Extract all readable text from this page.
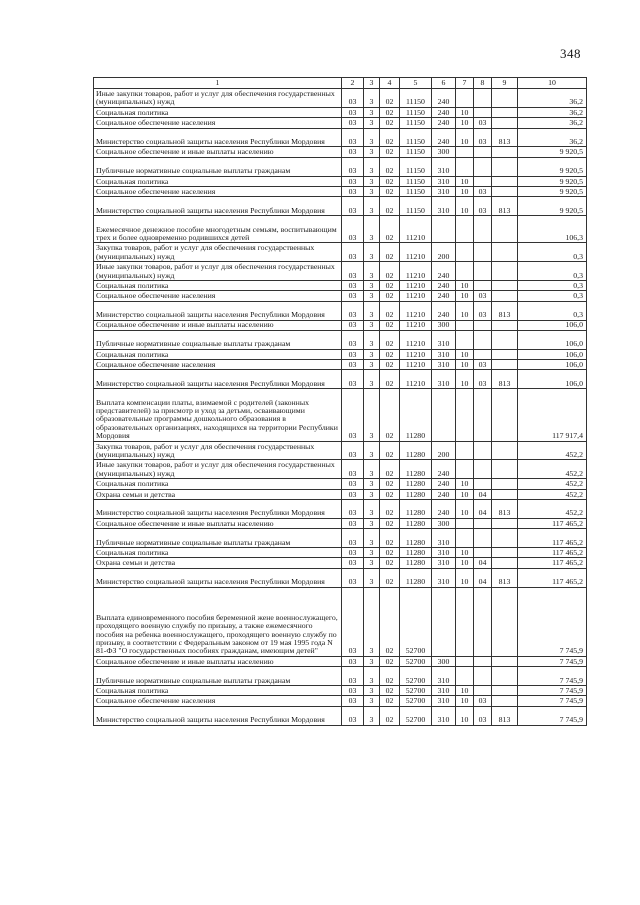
348
1	2	3	4	5	6	7	8	9	10
Иные закупки товаров, работ и услуг для обеспечения государственных (муниципальных) нужд	03	3	02	11150	240				36,2
Социальная политика	03	3	02	11150	240	10			36,2
Социальное обеспечение населения	03	3	02	11150	240	10	03		36,2
Министерство социальной защиты населения Республики Мордовия	03	3	02	11150	240	10	03	813	36,2
Социальное обеспечение и иные выплаты населению	03	3	02	11150	300				9 920,5
Публичные нормативные социальные выплаты гражданам	03	3	02	11150	310				9 920,5
Социальная политика	03	3	02	11150	310	10			9 920,5
Социальное обеспечение населения	03	3	02	11150	310	10	03		9 920,5
Министерство социальной защиты населения Республики Мордовия	03	3	02	11150	310	10	03	813	9 920,5
Ежемесячное денежное пособие многодетным семьям, воспитывающим трех и более одновременно родившихся детей	03	3	02	11210					106,3
Закупка товаров, работ и услуг для обеспечения государственных (муниципальных) нужд	03	3	02	11210	200				0,3
Иные закупки товаров, работ и услуг для обеспечения государственных (муниципальных) нужд	03	3	02	11210	240				0,3
Социальная политика	03	3	02	11210	240	10			0,3
Социальное обеспечение населения	03	3	02	11210	240	10	03		0,3
Министерство социальной защиты населения Республики Мордовия	03	3	02	11210	240	10	03	813	0,3
Социальное обеспечение и иные выплаты населению	03	3	02	11210	300				106,0
Публичные нормативные социальные выплаты гражданам	03	3	02	11210	310				106,0
Социальная политика	03	3	02	11210	310	10			106,0
Социальное обеспечение населения	03	3	02	11210	310	10	03		106,0
Министерство социальной защиты населения Республики Мордовия	03	3	02	11210	310	10	03	813	106,0
Выплата компенсации платы, взимаемой с родителей (законных представителей) за присмотр и уход за детьми, осваивающими образовательные программы дошкольного образования в образовательных организациях, находящихся на территории Республики Мордовия	03	3	02	11280					117 917,4
Закупка товаров, работ и услуг для обеспечения государственных (муниципальных) нужд	03	3	02	11280	200				452,2
Иные закупки товаров, работ и услуг для обеспечения государственных (муниципальных) нужд	03	3	02	11280	240				452,2
Социальная политика	03	3	02	11280	240	10			452,2
Охрана семьи и детства	03	3	02	11280	240	10	04		452,2
Министерство социальной защиты населения Республики Мордовия	03	3	02	11280	240	10	04	813	452,2
Социальное обеспечение и иные выплаты населению	03	3	02	11280	300				117 465,2
Публичные нормативные социальные выплаты гражданам	03	3	02	11280	310				117 465,2
Социальная политика	03	3	02	11280	310	10			117 465,2
Охрана семьи и детства	03	3	02	11280	310	10	04		117 465,2
Министерство социальной защиты населения Республики Мордовия	03	3	02	11280	310	10	04	813	117 465,2
Выплата единовременного пособия беременной жене военнослужащего, проходящего военную службу по призыву, а также ежемесячного пособия на ребенка военнослужащего, проходящего военную службу по призыву, в соответствии с Федеральным законом от 19 мая 1995 года N 81-ФЗ "О государственных пособиях гражданам, имеющим детей"	03	3	02	52700					7 745,9
Социальное обеспечение и иные выплаты населению	03	3	02	52700	300				7 745,9
Публичные нормативные социальные выплаты гражданам	03	3	02	52700	310				7 745,9
Социальная политика	03	3	02	52700	310	10			7 745,9
Социальное обеспечение населения	03	3	02	52700	310	10	03		7 745,9
Министерство социальной защиты населения Республики Мордовия	03	3	02	52700	310	10	03	813	7 745,9
